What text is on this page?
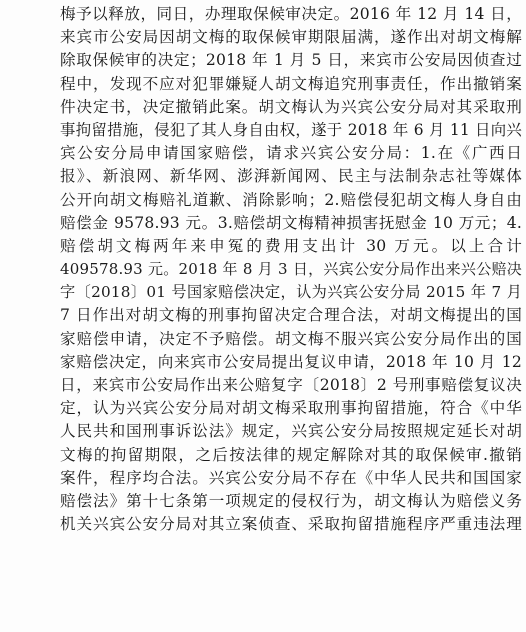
梅予以释放，同日，办理取保候审决定。2016 年 12 月 14 日，
来宾市公安局因胡文梅的取保候审期限届满，遂作出对胡文梅解
除取保候审的决定；2018 年 1 月 5 日，来宾市公安局因侦查过
程中，发现不应对犯罪嫌疑人胡文梅追究刑事责任，作出撤销案
件决定书，决定撤销此案。胡文梅认为兴宾公安分局对其采取刑
事拘留措施，侵犯了其人身自由权，遂于 2018 年 6 月 11 日向兴
宾公安分局申请国家赔偿，请求兴宾公安分局：1.在《广西日
报》、新浪网、新华网、澎湃新闻网、民主与法制杂志社等媒体
公开向胡文梅赔礼道歉、消除影响；2.赔偿侵犯胡文梅人身自由
赔偿金 9578.93 元。3.赔偿胡文梅精神损害抚慰金 10 万元；4.
赔偿胡文梅两年来申冤的费用支出计 30 万元。以上合计
409578.93 元。2018 年 8 月 3 日，兴宾公安分局作出来兴公赔决
字〔2018〕01 号国家赔偿决定，认为兴宾公安分局 2015 年 7 月
7 日作出对胡文梅的刑事拘留决定合理合法，对胡文梅提出的国
家赔偿申请，决定不予赔偿。胡文梅不服兴宾公安分局作出的国
家赔偿决定，向来宾市公安局提出复议申请，2018 年 10 月 12
日，来宾市公安局作出来公赔复字〔2018〕2 号刑事赔偿复议决
定，认为兴宾公安分局对胡文梅采取刑事拘留措施，符合《中华
人民共和国刑事诉讼法》规定，兴宾公安分局按照规定延长对胡
文梅的拘留期限，之后按法律的规定解除对其的取保候审.撤销
案件，程序均合法。兴宾公安分局不存在《中华人民共和国国家
赔偿法》第十七条第一项规定的侵权行为，胡文梅认为赔偿义务
机关兴宾公安分局对其立案侦查、采取拘留措施程序严重违法理
